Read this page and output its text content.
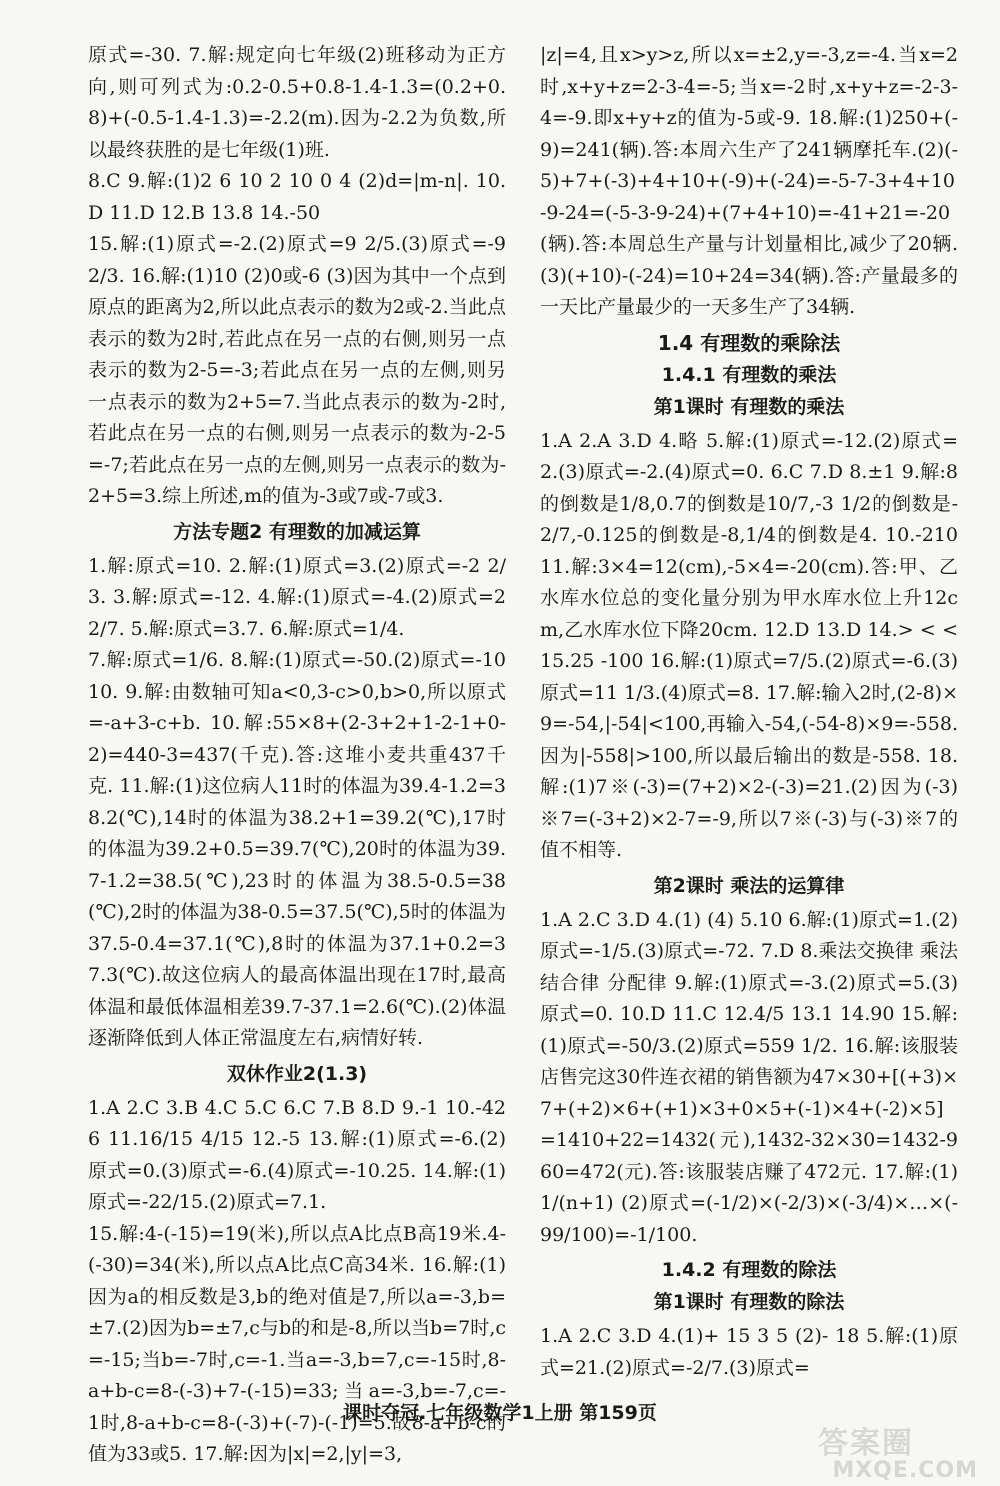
原式=-30. 7.解:规定向七年级(2)班移动为正方向,则可列式为:0.2-0.5+0.8-1.4-1.3=(0.2+0.8)+(-0.5-1.4-1.3)=-2.2(m).因为-2.2为负数,所以最终获胜的是七年级(1)班.

8.C 9.解:(1)2 6 10 2 10 0 4 (2)d=|m-n|. 10.D 11.D 12.B 13.8 14.-50

15.解:(1)原式=-2.(2)原式=9 2/5.(3)原式=-9 2/3. 16.解:(1)10 (2)0或-6 (3)因为其中一个点到原点的距离为2,所以此点表示的数为2或-2.当此点表示的数为2时,若此点在另一点的右侧,则另一点表示的数为2-5=-3;若此点在另一点的左侧,则另一点表示的数为2+5=7.当此点表示的数为-2时,若此点在另一点的右侧,则另一点表示的数为-2-5=-7;若此点在另一点的左侧,则另一点表示的数为-2+5=3.综上所述,m的值为-3或7或-7或3.

方法专题2 有理数的加减运算

1.解:原式=10. 2.解:(1)原式=3.(2)原式=-2 2/3. 3.解:原式=-12. 4.解:(1)原式=-4.(2)原式=2 2/7. 5.解:原式=3.7. 6.解:原式=1/4.

7.解:原式=1/6. 8.解:(1)原式=-50.(2)原式=-1010. 9.解:由数轴可知a<0,3-c>0,b>0,所以原式=-a+3-c+b. 10.解:55×8+(2-3+2+1-2-1+0-2)=440-3=437(千克).答:这堆小麦共重437千克. 11.解:(1)这位病人11时的体温为39.4-1.2=38.2(℃),14时的体温为38.2+1=39.2(℃),17时的体温为39.2+0.5=39.7(℃),20时的体温为39.7-1.2=38.5(℃),23时的体温为38.5-0.5=38(℃),2时的体温为38-0.5=37.5(℃),5时的体温为37.5-0.4=37.1(℃),8时的体温为37.1+0.2=37.3(℃).故这位病人的最高体温出现在17时,最高体温和最低体温相差39.7-37.1=2.6(℃).(2)体温逐渐降低到人体正常温度左右,病情好转.

双休作业2(1.3)

1.A 2.C 3.B 4.C 5.C 6.C 7.B 8.D 9.-1 10.-426 11.16/15 4/15 12.-5 13.解:(1)原式=-6.(2)原式=0.(3)原式=-6.(4)原式=-10.25. 14.解:(1)原式=-22/15.(2)原式=7.1.

15.解:4-(-15)=19(米),所以点A比点B高19米.4-(-30)=34(米),所以点A比点C高34米. 16.解:(1)因为a的相反数是3,b的绝对值是7,所以a=-3,b=±7.(2)因为b=±7,c与b的和是-8,所以当b=7时,c=-15;当b=-7时,c=-1.当a=-3,b=7,c=-15时,8-a+b-c=8-(-3)+7-(-15)=33;当a=-3,b=-7,c=-1时,8-a+b-c=8-(-3)+(-7)-(-1)=5.故8-a+b-c的值为33或5. 17.解:因为|x|=2,|y|=3,

|z|=4,且x>y>z,所以x=±2,y=-3,z=-4.当x=2时,x+y+z=2-3-4=-5;当x=-2时,x+y+z=-2-3-4=-9.即x+y+z的值为-5或-9. 18.解:(1)250+(-9)=241(辆).答:本周六生产了241辆摩托车.(2)(-5)+7+(-3)+4+10+(-9)+(-24)=-5-7-3+4+10-9-24=(-5-3-9-24)+(7+4+10)=-41+21=-20(辆).答:本周总生产量与计划量相比,减少了20辆.(3)(+10)-(-24)=10+24=34(辆).答:产量最多的一天比产量最少的一天多生产了34辆.

1.4 有理数的乘除法
1.4.1 有理数的乘法
第1课时 有理数的乘法

1.A 2.A 3.D 4.略 5.解:(1)原式=-12.(2)原式=2.(3)原式=-2.(4)原式=0. 6.C 7.D 8.±1 9.解:8的倒数是1/8,0.7的倒数是10/7,-3 1/2的倒数是-2/7,-0.125的倒数是-8,1/4的倒数是4. 10.-210 11.解:3×4=12(cm),-5×4=-20(cm).答:甲、乙水库水位总的变化量分别为甲水库水位上升12cm,乙水库水位下降20cm. 12.D 13.D 14.> < < 15.25 -100 16.解:(1)原式=7/5.(2)原式=-6.(3)原式=11 1/3.(4)原式=8. 17.解:输入2时,(2-8)×9=-54,|-54|<100,再输入-54,(-54-8)×9=-558.因为|-558|>100,所以最后输出的数是-558. 18.解:(1)7※(-3)=(7+2)×2-(-3)=21.(2)因为(-3)※7=(-3+2)×2-7=-9,所以7※(-3)与(-3)※7的值不相等.

第2课时 乘法的运算律

1.A 2.C 3.D 4.(1) (4) 5.10 6.解:(1)原式=1.(2)原式=-1/5.(3)原式=-72. 7.D 8.乘法交换律 乘法结合律 分配律 9.解:(1)原式=-3.(2)原式=5.(3)原式=0. 10.D 11.C 12.4/5 13.1 14.90 15.解:(1)原式=-50/3.(2)原式=559 1/2. 16.解:该服装店售完这30件连衣裙的销售额为47×30+[(+3)×7+(+2)×6+(+1)×3+0×5+(-1)×4+(-2)×5]=1410+22=1432(元),1432-32×30=1432-960=472(元).答:该服装店赚了472元. 17.解:(1)1/(n+1) (2)原式=(-1/2)×(-2/3)×(-3/4)×…×(-99/100)=-1/100.

1.4.2 有理数的除法
第1课时 有理数的除法

1.A 2.C 3.D 4.(1)+ 15 3 5 (2)- 18 5.解:(1)原式=21.(2)原式=-2/7.(3)原式=

课时夺冠.七年级数学1上册 第159页
答案圈
MXQE.COM
